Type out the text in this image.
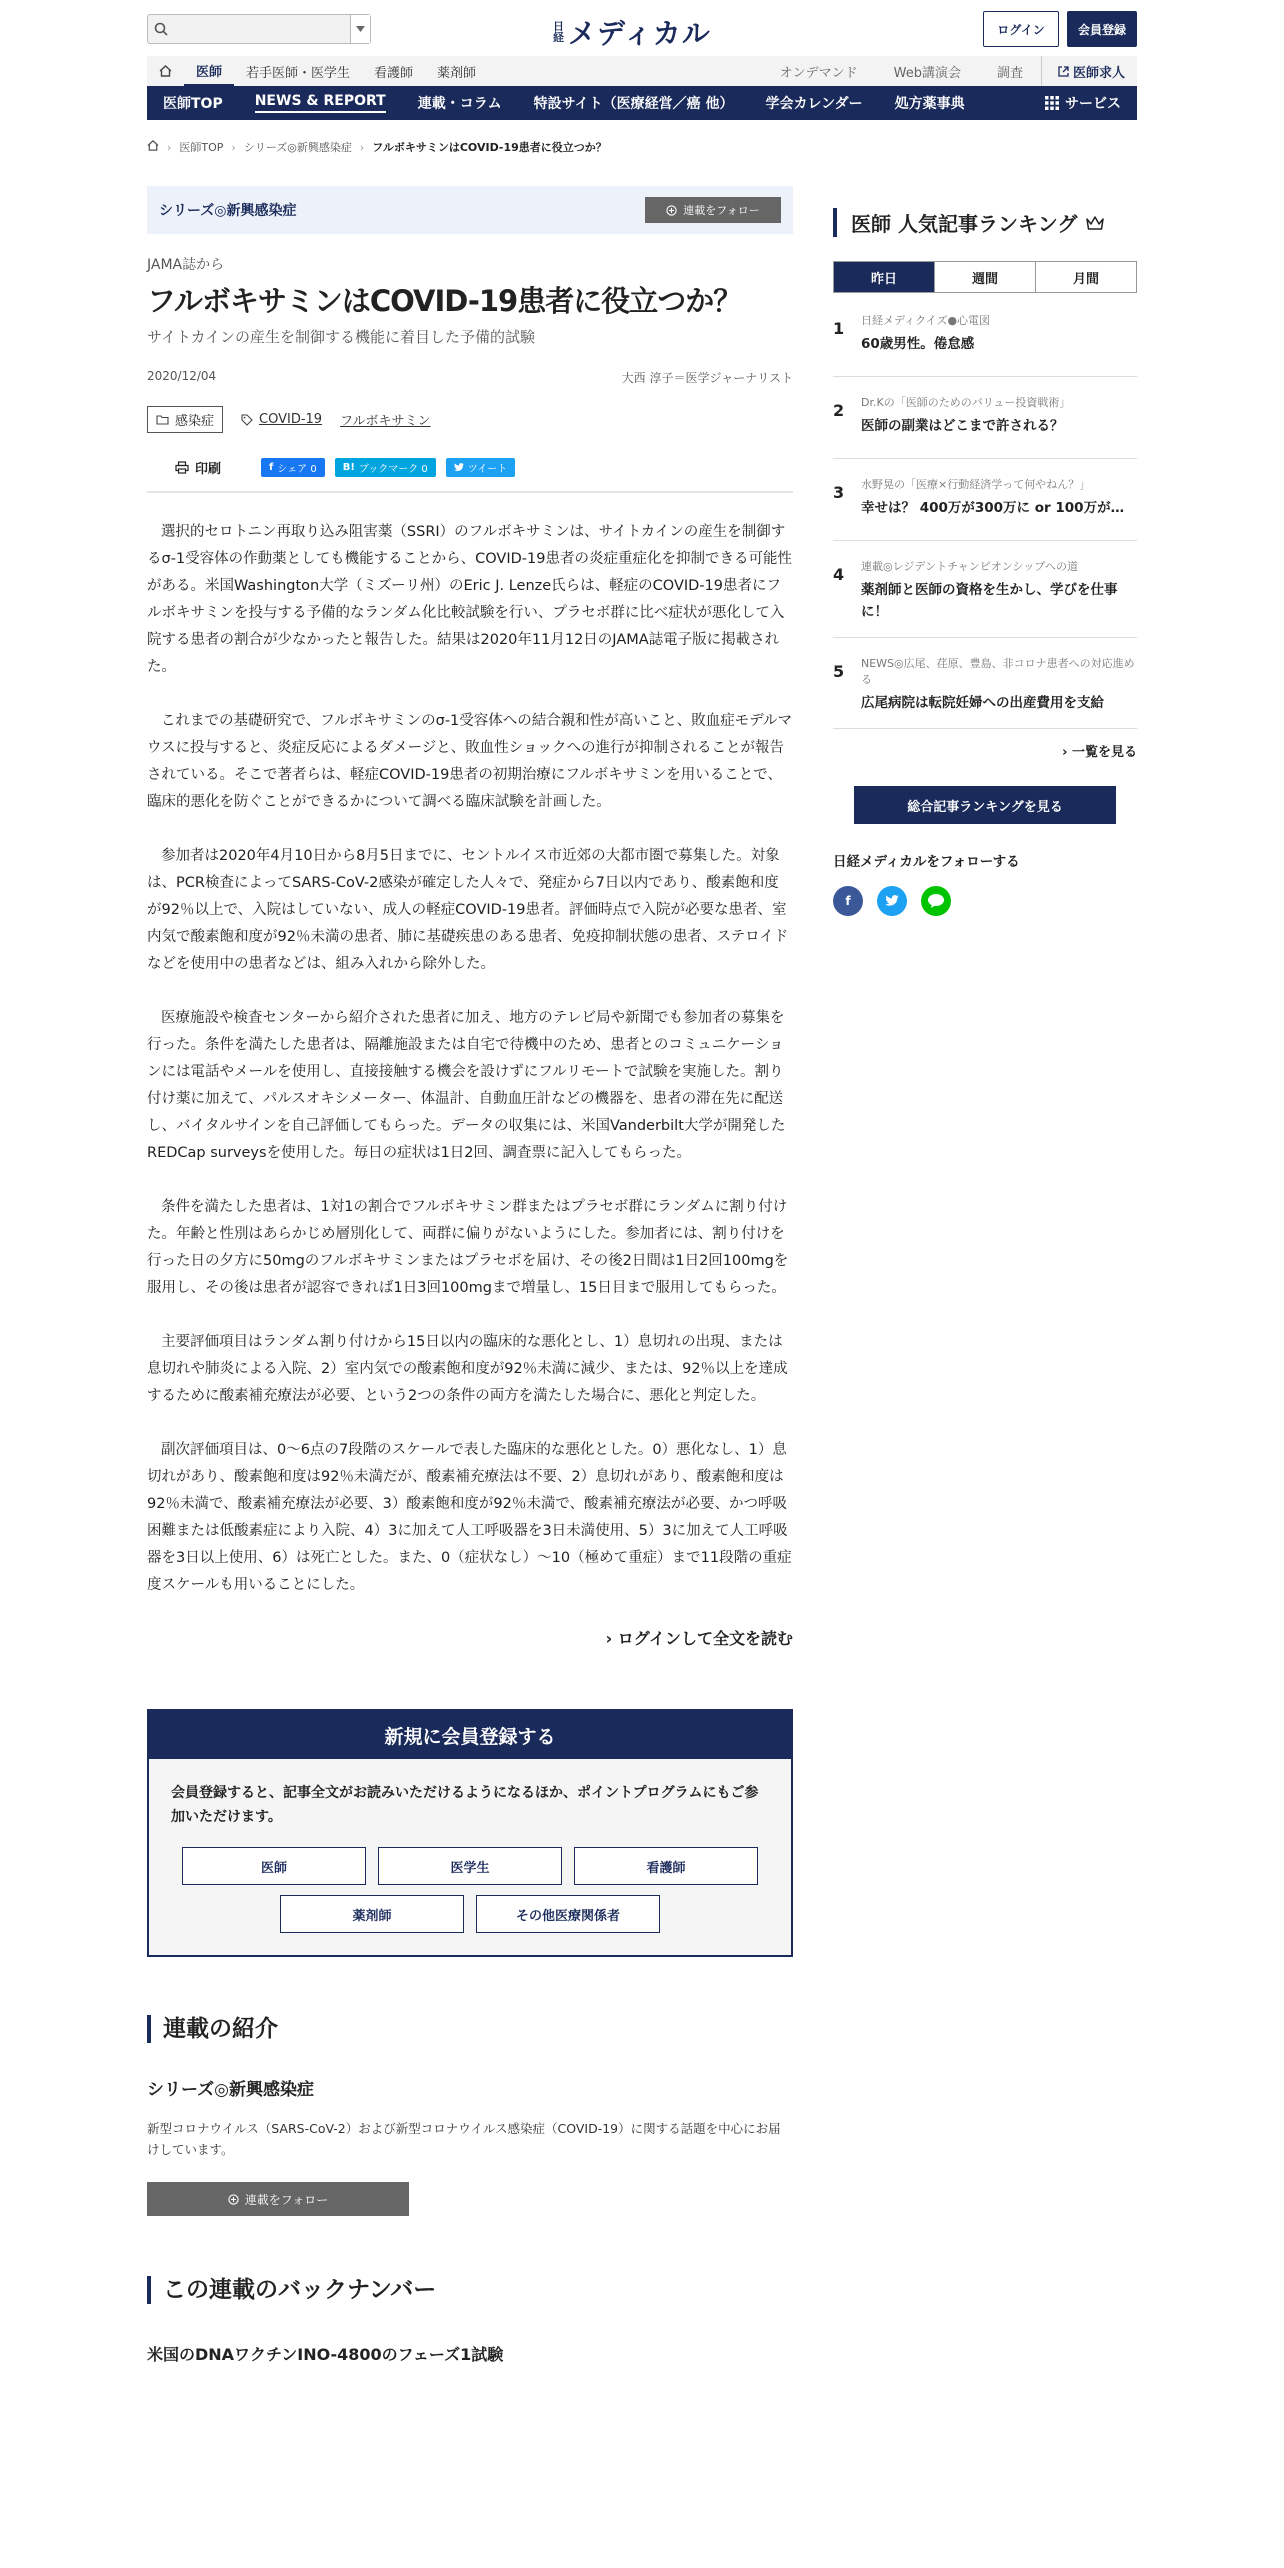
日経 メディカル	ログイン	会員登録
医師	若手医師・医学生	看護師	薬剤師	オンデマンド	Web講演会	調査	医師求人
医師TOP	NEWS & REPORT	連載・コラム	特設サイト（医療経営／癌 他）	学会カレンダー	処方薬事典	サービス
› 医師TOP › シリーズ◎新興感染症 › フルボキサミンはCOVID-19患者に役立つか？
シリーズ◎新興感染症	連載をフォロー
JAMA誌から
フルボキサミンはCOVID-19患者に役立つか？
サイトカインの産生を制御する機能に着目した予備的試験
2020/12/04	大西 淳子＝医学ジャーナリスト
感染症	COVID-19 フルボキサミン
印刷	f シェア 0	B! ブックマーク 0	ツイート

選択的セロトニン再取り込み阻害薬（SSRI）のフルボキサミンは、サイトカインの産生を制御するσ-1受容体の作動薬としても機能することから、COVID-19患者の炎症重症化を抑制できる可能性がある。米国Washington大学（ミズーリ州）のEric J. Lenze氏らは、軽症のCOVID-19患者にフルボキサミンを投与する予備的なランダム化比較試験を行い、プラセボ群に比べ症状が悪化して入院する患者の割合が少なかったと報告した。結果は2020年11月12日のJAMA誌電子版に掲載された。

これまでの基礎研究で、フルボキサミンのσ-1受容体への結合親和性が高いこと、敗血症モデルマウスに投与すると、炎症反応によるダメージと、敗血性ショックへの進行が抑制されることが報告されている。そこで著者らは、軽症COVID-19患者の初期治療にフルボキサミンを用いることで、臨床的悪化を防ぐことができるかについて調べる臨床試験を計画した。

参加者は2020年4月10日から8月5日までに、セントルイス市近郊の大都市圏で募集した。対象は、PCR検査によってSARS-CoV-2感染が確定した人々で、発症から7日以内であり、酸素飽和度が92％以上で、入院はしていない、成人の軽症COVID-19患者。評価時点で入院が必要な患者、室内気で酸素飽和度が92％未満の患者、肺に基礎疾患のある患者、免疫抑制状態の患者、ステロイドなどを使用中の患者などは、組み入れから除外した。

医療施設や検査センターから紹介された患者に加え、地方のテレビ局や新聞でも参加者の募集を行った。条件を満たした患者は、隔離施設または自宅で待機中のため、患者とのコミュニケーションには電話やメールを使用し、直接接触する機会を設けずにフルリモートで試験を実施した。割り付け薬に加えて、パルスオキシメーター、体温計、自動血圧計などの機器を、患者の滞在先に配送し、バイタルサインを自己評価してもらった。データの収集には、米国Vanderbilt大学が開発したREDCap surveysを使用した。毎日の症状は1日2回、調査票に記入してもらった。

条件を満たした患者は、1対1の割合でフルボキサミン群またはプラセボ群にランダムに割り付けた。年齢と性別はあらかじめ層別化して、両群に偏りがないようにした。参加者には、割り付けを行った日の夕方に50mgのフルボキサミンまたはプラセボを届け、その後2日間は1日2回100mgを服用し、その後は患者が認容できれば1日3回100mgまで増量し、15日目まで服用してもらった。

主要評価項目はランダム割り付けから15日以内の臨床的な悪化とし、1）息切れの出現、または息切れや肺炎による入院、2）室内気での酸素飽和度が92％未満に減少、または、92％以上を達成するために酸素補充療法が必要、という2つの条件の両方を満たした場合に、悪化と判定した。

副次評価項目は、0～6点の7段階のスケールで表した臨床的な悪化とした。0）悪化なし、1）息切れがあり、酸素飽和度は92％未満だが、酸素補充療法は不要、2）息切れがあり、酸素飽和度は92％未満で、酸素補充療法が必要、3）酸素飽和度が92％未満で、酸素補充療法が必要、かつ呼吸困難または低酸素症により入院、4）3に加えて人工呼吸器を3日未満使用、5）3に加えて人工呼吸器を3日以上使用、6）は死亡とした。また、0（症状なし）～10（極めて重症）まで11段階の重症度スケールも用いることにした。

› ログインして全文を読む
新規に会員登録する
会員登録すると、記事全文がお読みいただけるようになるほか、ポイントプログラムにもご参加いただけます。
医師	医学生	看護師
薬剤師	その他医療関係者
連載の紹介
シリーズ◎新興感染症
新型コロナウイルス（SARS-CoV-2）および新型コロナウイルス感染症（COVID-19）に関する話題を中心にお届けしています。
連載をフォロー
この連載のバックナンバー
米国のDNAワクチンINO-4800のフェーズ1試験
医師 人気記事ランキング
昨日	週間	月間
1	日経メディクイズ●心電図
60歳男性。倦怠感
2	Dr.Kの「医師のためのバリュー投資戦術」
医師の副業はどこまで許される？
3	水野晃の「医療×行動経済学って何やねん？」
幸せは？ 400万が300万に or 100万が…
4	連載◎レジデントチャンピオンシップへの道
薬剤師と医師の資格を生かし、学びを仕事に！
5	NEWS◎広尾、荏原、豊島、非コロナ患者への対応進める
広尾病院は転院妊婦への出産費用を支給
› 一覧を見る
総合記事ランキングを見る
日経メディカルをフォローする
f
